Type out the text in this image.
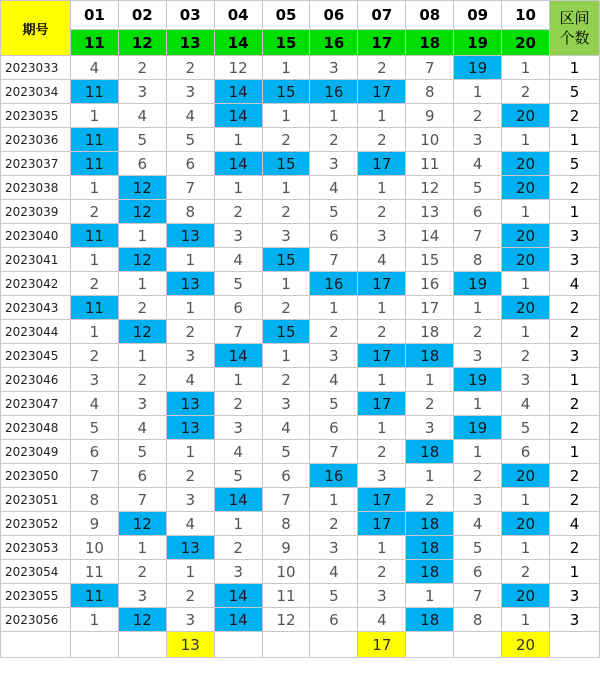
期号	01	02	03	04	05	06	07	08	09	10	区间
个数

	11	12	13	14	15	16	17	18	19	20	
2023033	4	2	2	12	1	3	2	7	19	1	1
2023034	11	3	3	14	15	16	17	8	1	2	5
2023035	1	4	4	14	1	1	1	9	2	20	2
2023036	11	5	5	1	2	2	2	10	3	1	1
2023037	11	6	6	14	15	3	17	11	4	20	5
2023038	1	12	7	1	1	4	1	12	5	20	2
2023039	2	12	8	2	2	5	2	13	6	1	1
2023040	11	1	13	3	3	6	3	14	7	20	3
2023041	1	12	1	4	15	7	4	15	8	20	3
2023042	2	1	13	5	1	16	17	16	19	1	4
2023043	11	2	1	6	2	1	1	17	1	20	2
2023044	1	12	2	7	15	2	2	18	2	1	2
2023045	2	1	3	14	1	3	17	18	3	2	3
2023046	3	2	4	1	2	4	1	1	19	3	1
2023047	4	3	13	2	3	5	17	2	1	4	2
2023048	5	4	13	3	4	6	1	3	19	5	2
2023049	6	5	1	4	5	7	2	18	1	6	1
2023050	7	6	2	5	6	16	3	1	2	20	2
2023051	8	7	3	14	7	1	17	2	3	1	2
2023052	9	12	4	1	8	2	17	18	4	20	4
2023053	10	1	13	2	9	3	1	18	5	1	2
2023054	11	2	1	3	10	4	2	18	6	2	1
2023055	11	3	2	14	11	5	3	1	7	20	3
2023056	1	12	3	14	12	6	4	18	8	1	3
			13				17			20	
